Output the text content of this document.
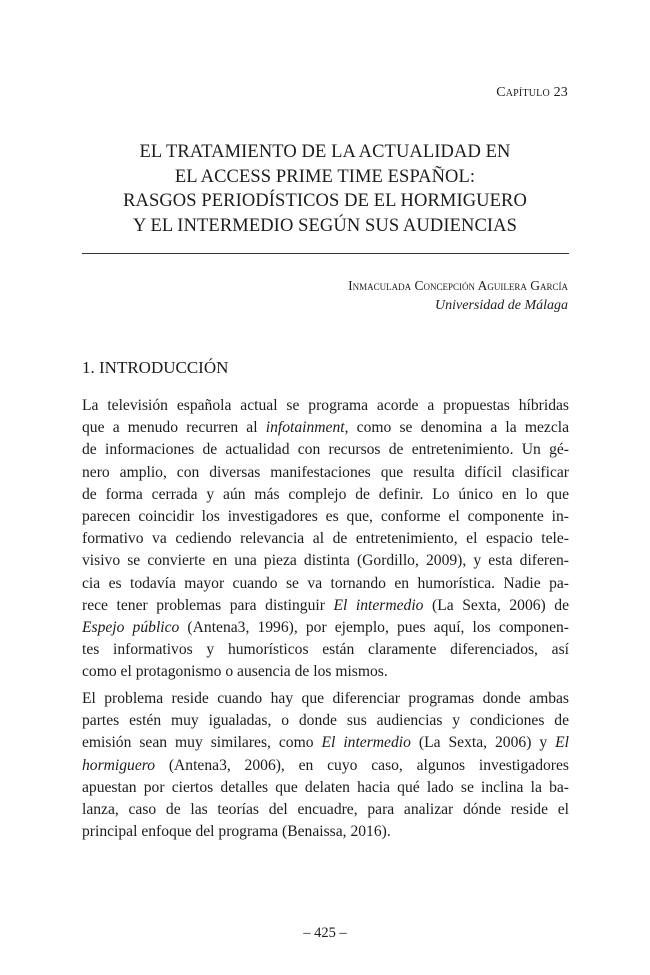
Capítulo 23
EL TRATAMIENTO DE LA ACTUALIDAD EN
EL ACCESS PRIME TIME ESPAÑOL:
RASGOS PERIODÍSTICOS DE EL HORMIGUERO
Y EL INTERMEDIO SEGÚN SUS AUDIENCIAS
Inmaculada Concepción Aguilera García
Universidad de Málaga
1. INTRODUCCIÓN
La televisión española actual se programa acorde a propuestas híbridas
que a menudo recurren al infotainment, como se denomina a la mezcla
de informaciones de actualidad con recursos de entretenimiento. Un gé-
nero amplio, con diversas manifestaciones que resulta difícil clasificar
de forma cerrada y aún más complejo de definir. Lo único en lo que
parecen coincidir los investigadores es que, conforme el componente in-
formativo va cediendo relevancia al de entretenimiento, el espacio tele-
visivo se convierte en una pieza distinta (Gordillo, 2009), y esta diferen-
cia es todavía mayor cuando se va tornando en humorística. Nadie pa-
rece tener problemas para distinguir El intermedio (La Sexta, 2006) de
Espejo público (Antena3, 1996), por ejemplo, pues aquí, los componen-
tes informativos y humorísticos están claramente diferenciados, así
como el protagonismo o ausencia de los mismos.
El problema reside cuando hay que diferenciar programas donde ambas
partes estén muy igualadas, o donde sus audiencias y condiciones de
emisión sean muy similares, como El intermedio (La Sexta, 2006) y El
hormiguero (Antena3, 2006), en cuyo caso, algunos investigadores
apuestan por ciertos detalles que delaten hacia qué lado se inclina la ba-
lanza, caso de las teorías del encuadre, para analizar dónde reside el
principal enfoque del programa (Benaissa, 2016).
– 425 –
